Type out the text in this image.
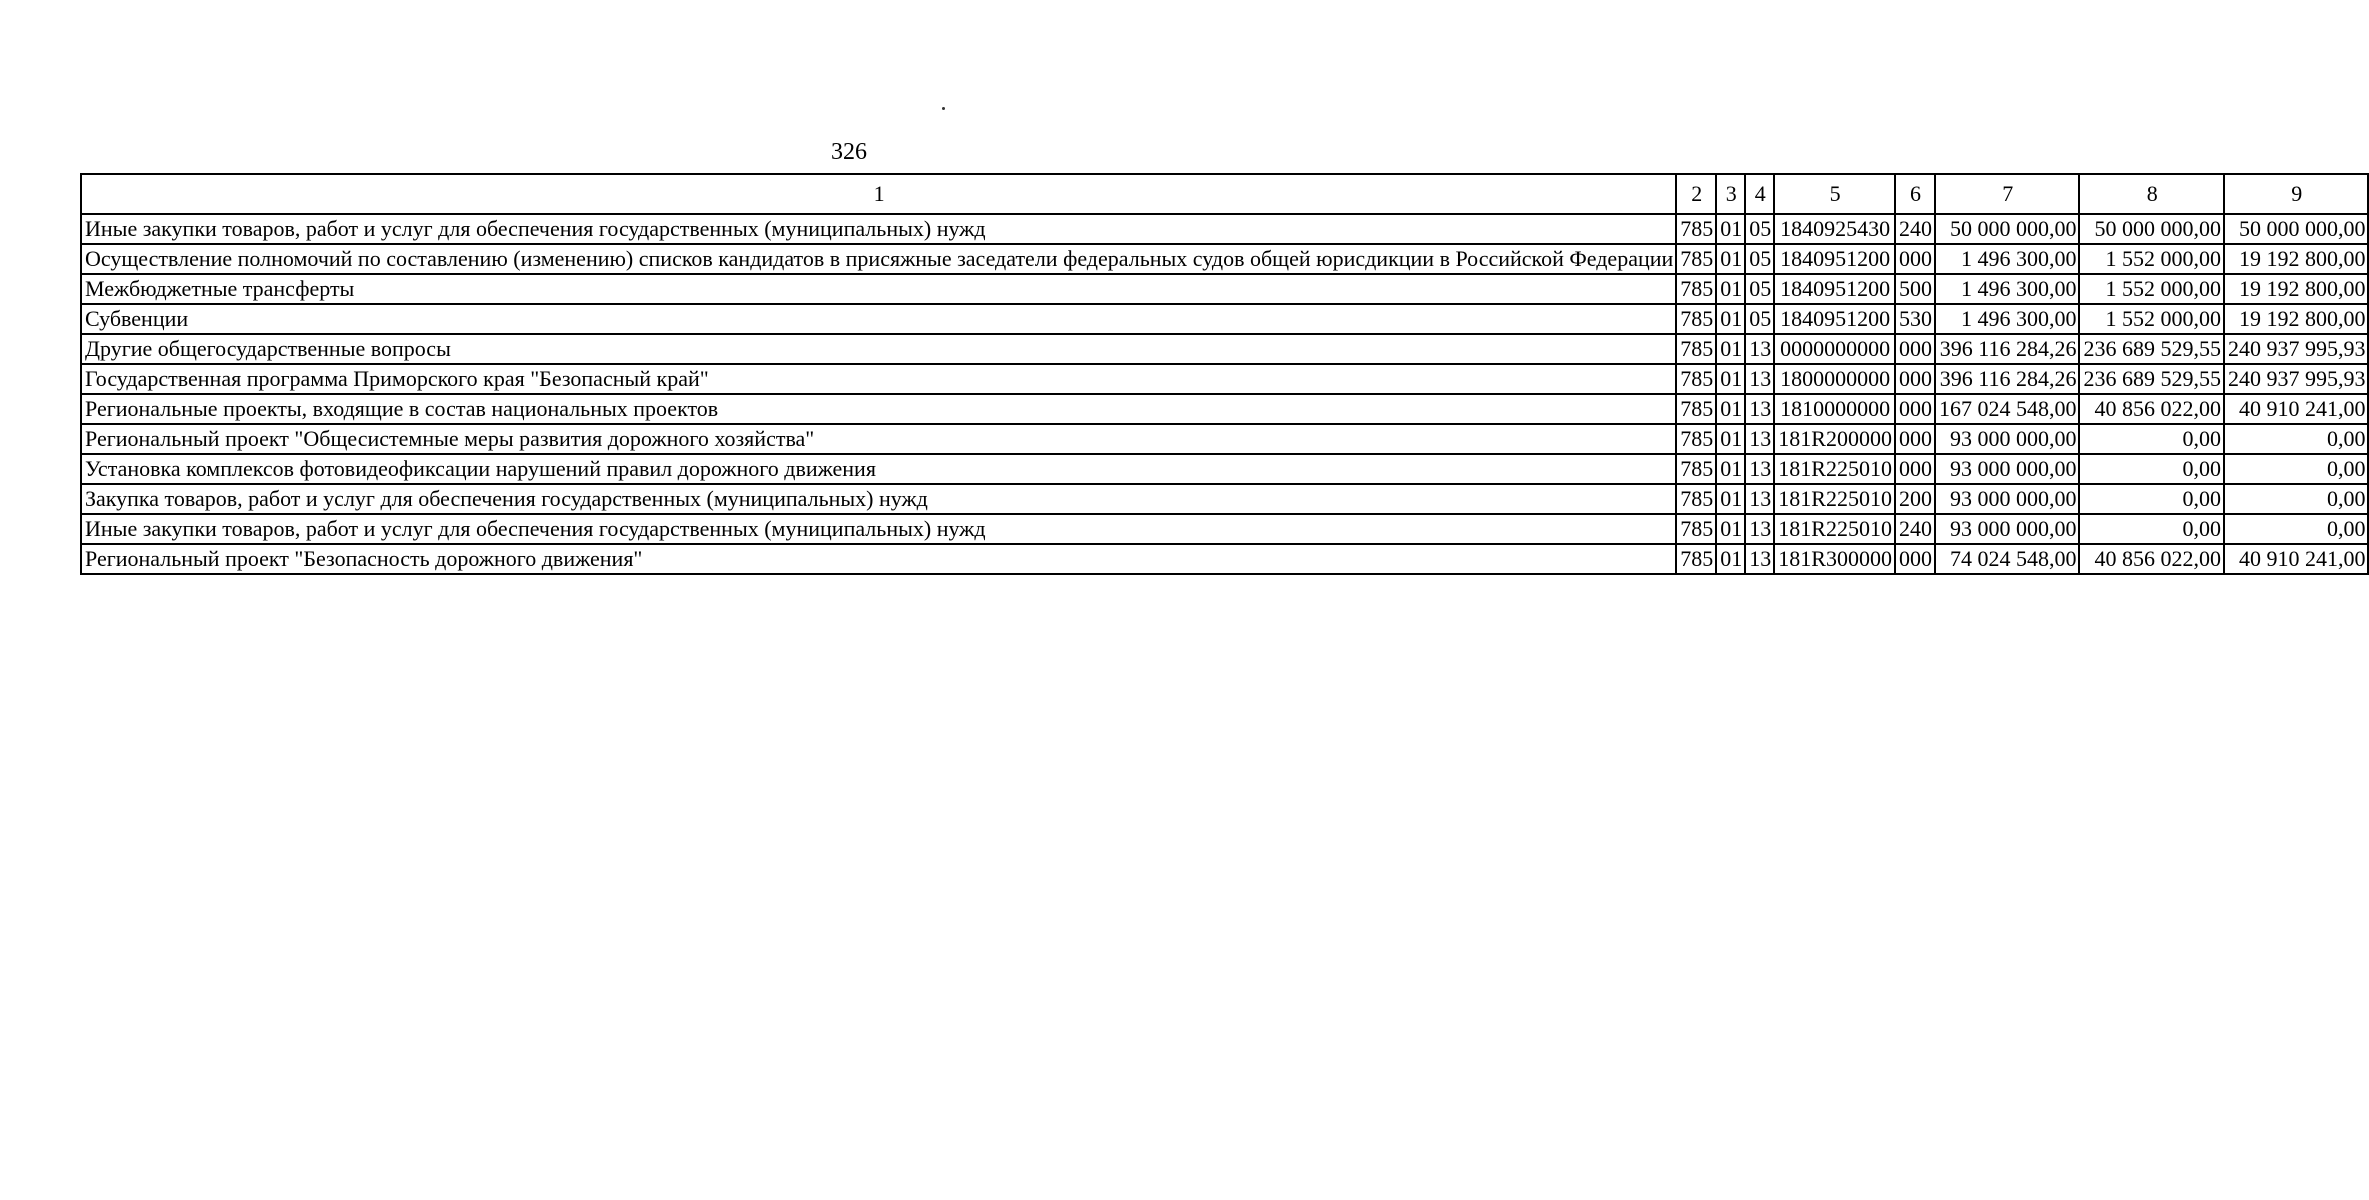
326
1	2	3	4	5	6	7	8	9
Иные закупки товаров, работ и услуг для обеспечения государственных (муниципальных) нужд	785	01	05	1840925430	240	50 000 000,00	50 000 000,00	50 000 000,00
Осуществление полномочий по составлению (изменению) списков кандидатов в присяжные заседатели федеральных судов общей юрисдикции в Российской Федерации	785	01	05	1840951200	000	1 496 300,00	1 552 000,00	19 192 800,00
Межбюджетные трансферты	785	01	05	1840951200	500	1 496 300,00	1 552 000,00	19 192 800,00
Субвенции	785	01	05	1840951200	530	1 496 300,00	1 552 000,00	19 192 800,00
Другие общегосударственные вопросы	785	01	13	0000000000	000	396 116 284,26	236 689 529,55	240 937 995,93
Государственная программа Приморского края "Безопасный край"	785	01	13	1800000000	000	396 116 284,26	236 689 529,55	240 937 995,93
Региональные проекты, входящие в состав национальных проектов	785	01	13	1810000000	000	167 024 548,00	40 856 022,00	40 910 241,00
Региональный проект "Общесистемные меры развития дорожного хозяйства"	785	01	13	181R200000	000	93 000 000,00	0,00	0,00
Установка комплексов фотовидеофиксации нарушений правил дорожного движения	785	01	13	181R225010	000	93 000 000,00	0,00	0,00
Закупка товаров, работ и услуг для обеспечения государственных (муниципальных) нужд	785	01	13	181R225010	200	93 000 000,00	0,00	0,00
Иные закупки товаров, работ и услуг для обеспечения государственных (муниципальных) нужд	785	01	13	181R225010	240	93 000 000,00	0,00	0,00
Региональный проект "Безопасность дорожного движения"	785	01	13	181R300000	000	74 024 548,00	40 856 022,00	40 910 241,00
